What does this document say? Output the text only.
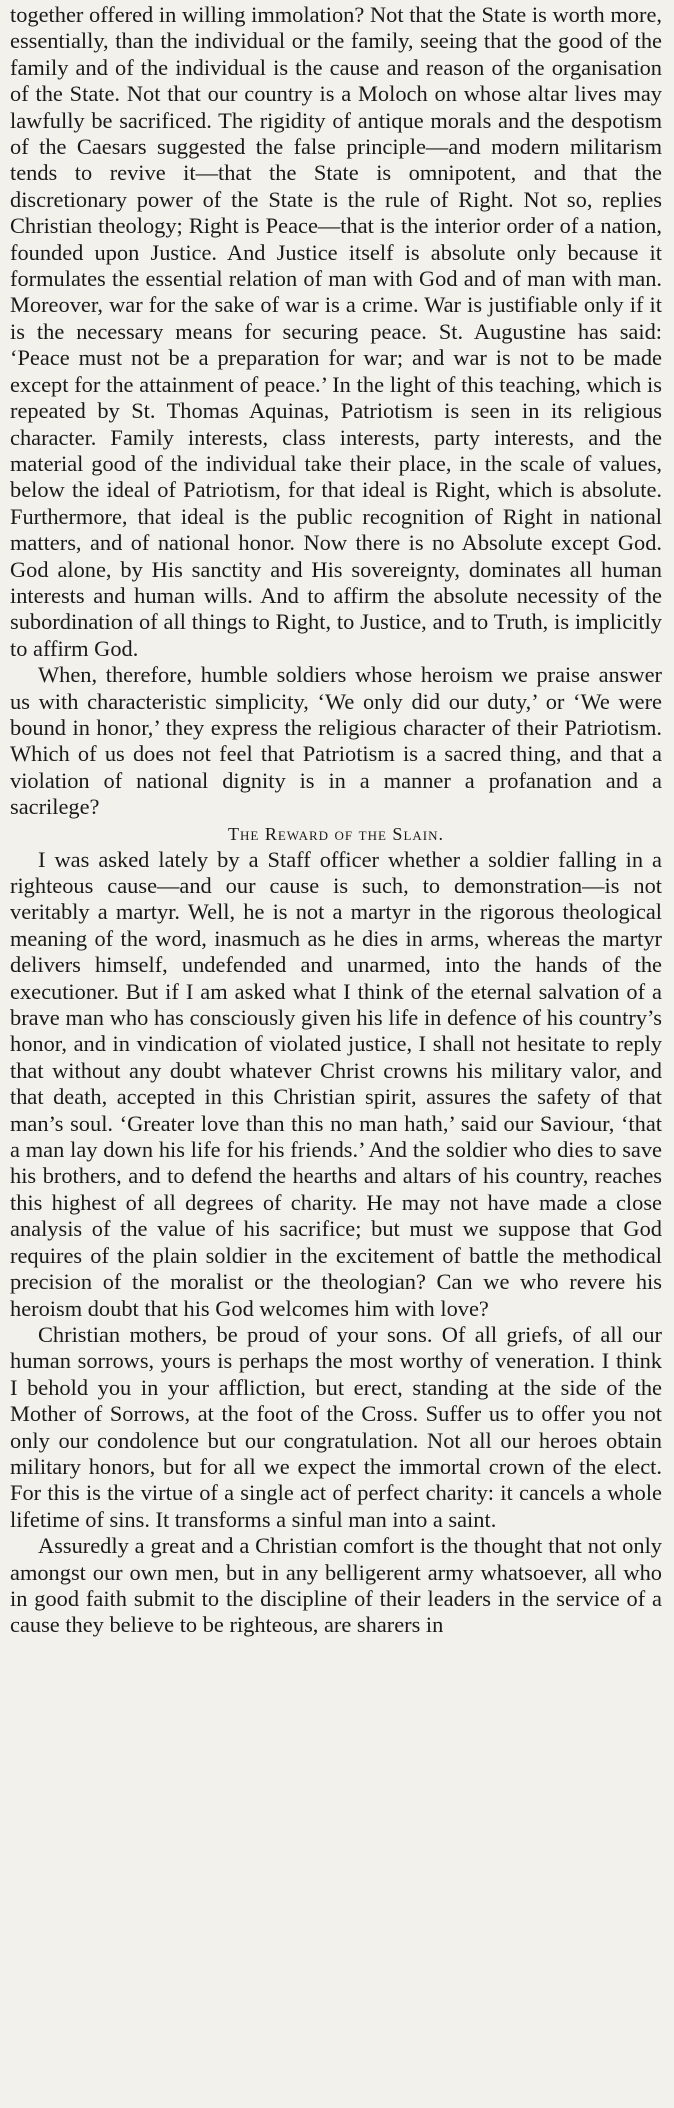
together offered in willing immolation? Not that the State is worth more, essentially, than the individual or the family, seeing that the good of the family and of the individual is the cause and reason of the organisation of the State. Not that our country is a Moloch on whose altar lives may lawfully be sacrificed. The rigidity of antique morals and the despotism of the Caesars suggested the false principle—and modern militarism tends to revive it—that the State is omnipotent, and that the discretionary power of the State is the rule of Right. Not so, replies Christian theology; Right is Peace—that is the interior order of a nation, founded upon Justice. And Justice itself is absolute only because it formulates the essential relation of man with God and of man with man. Moreover, war for the sake of war is a crime. War is justifiable only if it is the necessary means for securing peace. St. Augustine has said: ‘Peace must not be a preparation for war; and war is not to be made except for the attainment of peace.’ In the light of this teaching, which is repeated by St. Thomas Aquinas, Patriotism is seen in its religious character. Family interests, class interests, party interests, and the material good of the individual take their place, in the scale of values, below the ideal of Patriotism, for that ideal is Right, which is absolute. Furthermore, that ideal is the public recognition of Right in national matters, and of national honor. Now there is no Absolute except God. God alone, by His sanctity and His sovereignty, dominates all human interests and human wills. And to affirm the absolute necessity of the subordination of all things to Right, to Justice, and to Truth, is implicitly to affirm God.

When, therefore, humble soldiers whose heroism we praise answer us with characteristic simplicity, ‘We only did our duty,’ or ‘We were bound in honor,’ they express the religious character of their Patriotism. Which of us does not feel that Patriotism is a sacred thing, and that a violation of national dignity is in a manner a profanation and a sacrilege?

The Reward of the Slain.

I was asked lately by a Staff officer whether a soldier falling in a righteous cause—and our cause is such, to demonstration—is not veritably a martyr. Well, he is not a martyr in the rigorous theological meaning of the word, inasmuch as he dies in arms, whereas the martyr delivers himself, undefended and unarmed, into the hands of the executioner. But if I am asked what I think of the eternal salvation of a brave man who has consciously given his life in defence of his country’s honor, and in vindication of violated justice, I shall not hesitate to reply that without any doubt whatever Christ crowns his military valor, and that death, accepted in this Christian spirit, assures the safety of that man’s soul. ‘Greater love than this no man hath,’ said our Saviour, ‘that a man lay down his life for his friends.’ And the soldier who dies to save his brothers, and to defend the hearths and altars of his country, reaches this highest of all degrees of charity. He may not have made a close analysis of the value of his sacrifice; but must we suppose that God requires of the plain soldier in the excitement of battle the methodical precision of the moralist or the theologian? Can we who revere his heroism doubt that his God welcomes him with love?

Christian mothers, be proud of your sons. Of all griefs, of all our human sorrows, yours is perhaps the most worthy of veneration. I think I behold you in your affliction, but erect, standing at the side of the Mother of Sorrows, at the foot of the Cross. Suffer us to offer you not only our condolence but our congratulation. Not all our heroes obtain military honors, but for all we expect the immortal crown of the elect. For this is the virtue of a single act of perfect charity: it cancels a whole lifetime of sins. It transforms a sinful man into a saint.

Assuredly a great and a Christian comfort is the thought that not only amongst our own men, but in any belligerent army whatsoever, all who in good faith submit to the discipline of their leaders in the service of a cause they believe to be righteous, are sharers in
